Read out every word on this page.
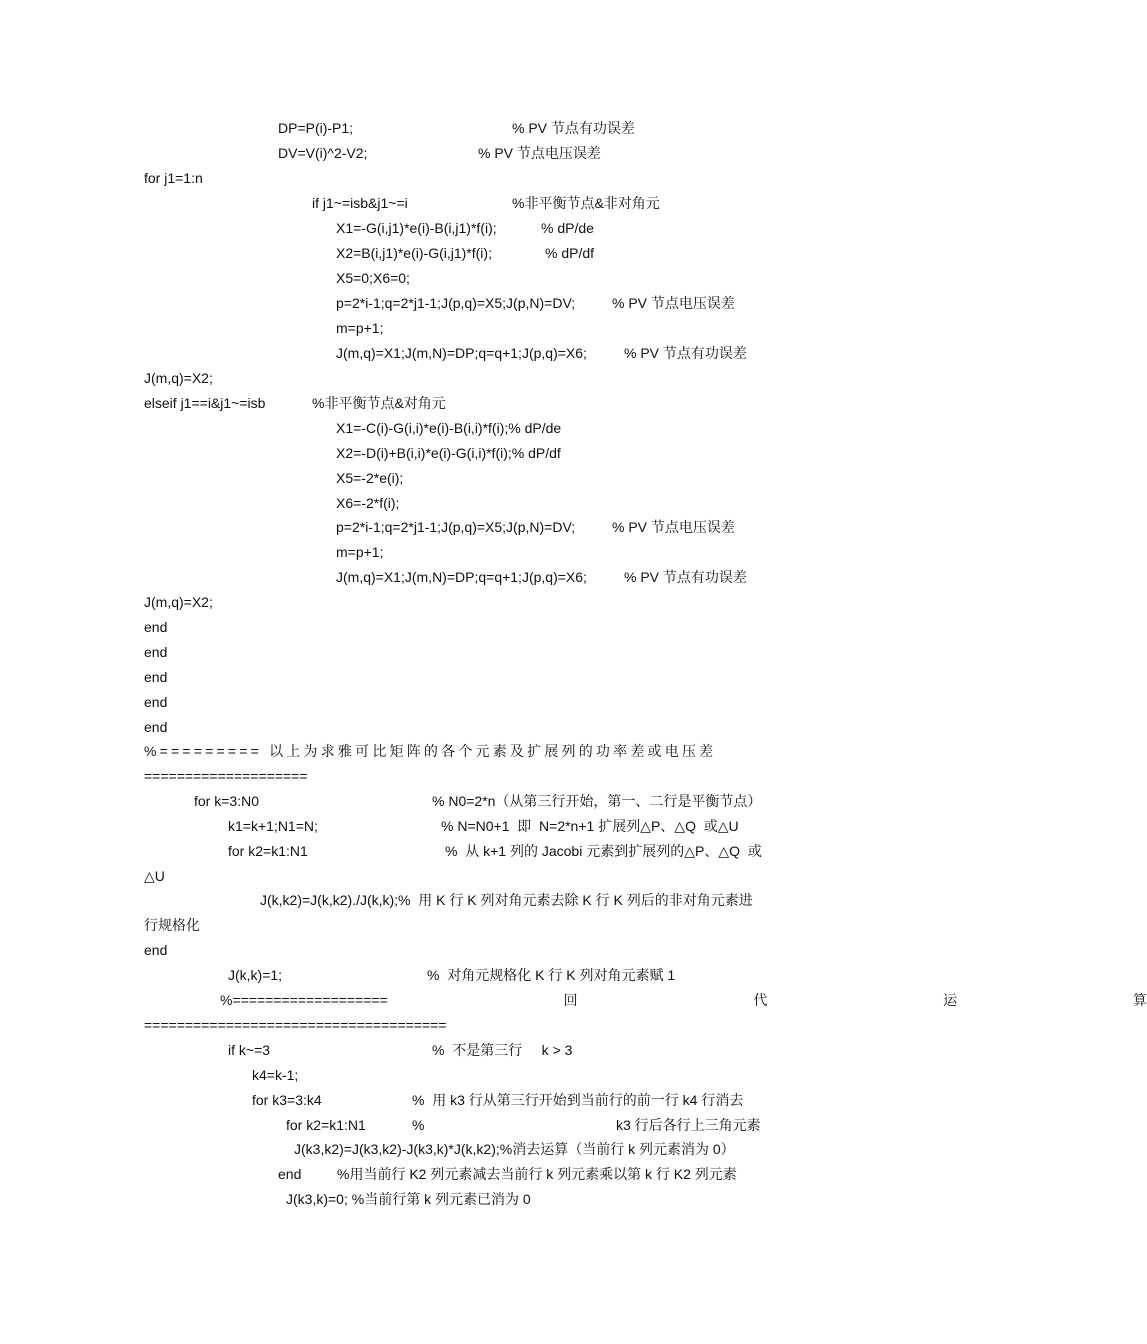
DP=P(i)-P1;	% PV 节点有功误差
DV=V(i)^2-V2;	% PV 节点电压误差
for j1=1:n
if j1~=isb&j1~=i	%非平衡节点&非对角元
X1=-G(i,j1)*e(i)-B(i,j1)*f(i);	% dP/de
X2=B(i,j1)*e(i)-G(i,j1)*f(i);	% dP/df
X5=0;X6=0;
p=2*i-1;q=2*j1-1;J(p,q)=X5;J(p,N)=DV;	% PV 节点电压误差
m=p+1;
J(m,q)=X1;J(m,N)=DP;q=q+1;J(p,q)=X6;	% PV 节点有功误差
J(m,q)=X2;
elseif j1==i&j1~=isb	%非平衡节点&对角元
X1=-C(i)-G(i,i)*e(i)-B(i,i)*f(i);% dP/de
X2=-D(i)+B(i,i)*e(i)-G(i,i)*f(i);% dP/df
X5=-2*e(i);
X6=-2*f(i);
p=2*i-1;q=2*j1-1;J(p,q)=X5;J(p,N)=DV;	% PV 节点电压误差
m=p+1;
J(m,q)=X1;J(m,N)=DP;q=q+1;J(p,q)=X6;	% PV 节点有功误差
J(m,q)=X2;
end
end
end
end
end
%========= 以上为求雅可比矩阵的各个元素及扩展列的功率差或电压差
====================
for k=3:N0	% N0=2*n（从第三行开始，第一、二行是平衡节点）
k1=k+1;N1=N;	% N=N0+1  即  N=2*n+1 扩展列△P、△Q  或△U
for k2=k1:N1	%  从 k+1 列的 Jacobi 元素到扩展列的△P、△Q  或
△U
J(k,k2)=J(k,k2)./J(k,k);%  用 K 行 K 列对角元素去除 K 行 K 列后的非对角元素进
行规格化
end
J(k,k)=1;	%  对角元规格化 K 行 K 列对角元素赋 1
%===================  回  代  运  算
=====================================
if k~=3	%  不是第三行     k > 3
k4=k-1;
for k3=3:k4	%  用 k3 行从第三行开始到当前行的前一行 k4 行消去
for k2=k1:N1	%	k3 行后各行上三角元素
J(k3,k2)=J(k3,k2)-J(k3,k)*J(k,k2);%消去运算（当前行 k 列元素消为 0）
end	%用当前行 K2 列元素减去当前行 k 列元素乘以第 k 行 K2 列元素
J(k3,k)=0; %当前行第 k 列元素已消为 0
